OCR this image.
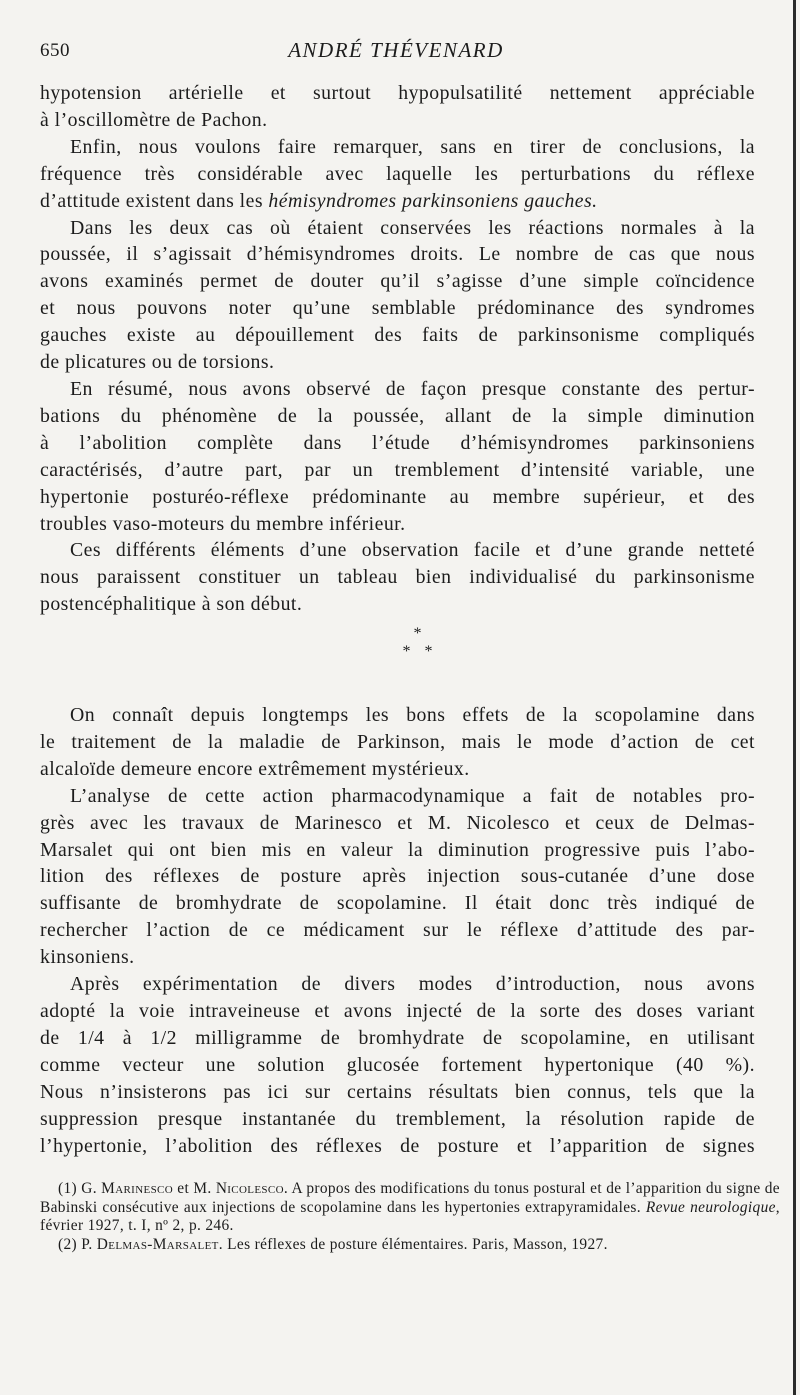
650	ANDRÉ THÉVENARD
hypotension artérielle et surtout hypopulsatilité nettement appréciable
à l’oscillomètre de Pachon.
Enfin, nous voulons faire remarquer, sans en tirer de conclusions, la
fréquence très considérable avec laquelle les perturbations du réflexe
d’attitude existent dans les hémisyndromes parkinsoniens gauches.
Dans les deux cas où étaient conservées les réactions normales à la
poussée, il s’agissait d’hémisyndromes droits. Le nombre de cas que nous
avons examinés permet de douter qu’il s’agisse d’une simple coïncidence
et nous pouvons noter qu’une semblable prédominance des syndromes
gauches existe au dépouillement des faits de parkinsonisme compliqués
de plicatures ou de torsions.
En résumé, nous avons observé de façon presque constante des pertur-
bations du phénomène de la poussée, allant de la simple diminution
à l’abolition complète dans l’étude d’hémisyndromes parkinsoniens
caractérisés, d’autre part, par un tremblement d’intensité variable, une
hypertonie posturéo-réflexe prédominante au membre supérieur, et des
troubles vaso-moteurs du membre inférieur.
Ces différents éléments d’une observation facile et d’une grande netteté
nous paraissent constituer un tableau bien individualisé du parkinsonisme
postencéphalitique à son début.
*
* *
On connaît depuis longtemps les bons effets de la scopolamine dans
le traitement de la maladie de Parkinson, mais le mode d’action de cet
alcaloïde demeure encore extrêmement mystérieux.
L’analyse de cette action pharmacodynamique a fait de notables pro-
grès avec les travaux de Marinesco et M. Nicolesco et ceux de Delmas-
Marsalet qui ont bien mis en valeur la diminution progressive puis l’abo-
lition des réflexes de posture après injection sous-cutanée d’une dose
suffisante de bromhydrate de scopolamine. Il était donc très indiqué de
rechercher l’action de ce médicament sur le réflexe d’attitude des par-
kinsoniens.
Après expérimentation de divers modes d’introduction, nous avons
adopté la voie intraveineuse et avons injecté de la sorte des doses variant
de 1/4 à 1/2 milligramme de bromhydrate de scopolamine, en utilisant
comme vecteur une solution glucosée fortement hypertonique (40 %).
Nous n’insisterons pas ici sur certains résultats bien connus, tels que la
suppression presque instantanée du tremblement, la résolution rapide de
l’hypertonie, l’abolition des réflexes de posture et l’apparition de signes
(1) G. Marinesco et M. Nicolesco. A propos des modifications du tonus postural et de l’apparition du signe de Babinski consécutive aux injections de scopolamine dans les hypertonies extrapyramidales. Revue neurologique, février 1927, t. I, nº 2, p. 246.
(2) P. Delmas-Marsalet. Les réflexes de posture élémentaires. Paris, Masson, 1927.
